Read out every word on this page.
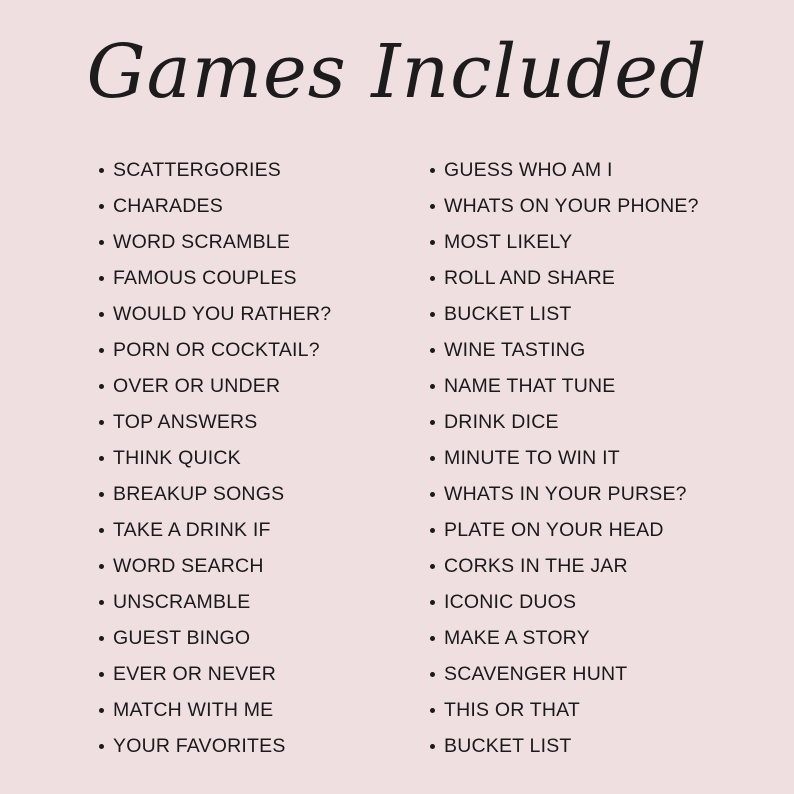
Games Included
SCATTERGORIES
CHARADES
WORD SCRAMBLE
FAMOUS COUPLES
WOULD YOU RATHER?
PORN OR COCKTAIL?
OVER OR UNDER
TOP ANSWERS
THINK QUICK
BREAKUP SONGS
TAKE A DRINK IF
WORD SEARCH
UNSCRAMBLE
GUEST BINGO
EVER OR NEVER
MATCH WITH ME
YOUR FAVORITES
GUESS WHO AM I
WHATS ON YOUR PHONE?
MOST LIKELY
ROLL AND SHARE
BUCKET LIST
WINE TASTING
NAME THAT TUNE
DRINK DICE
MINUTE TO WIN IT
WHATS IN YOUR PURSE?
PLATE ON YOUR HEAD
CORKS IN THE JAR
ICONIC DUOS
MAKE A STORY
SCAVENGER HUNT
THIS OR THAT
BUCKET LIST
